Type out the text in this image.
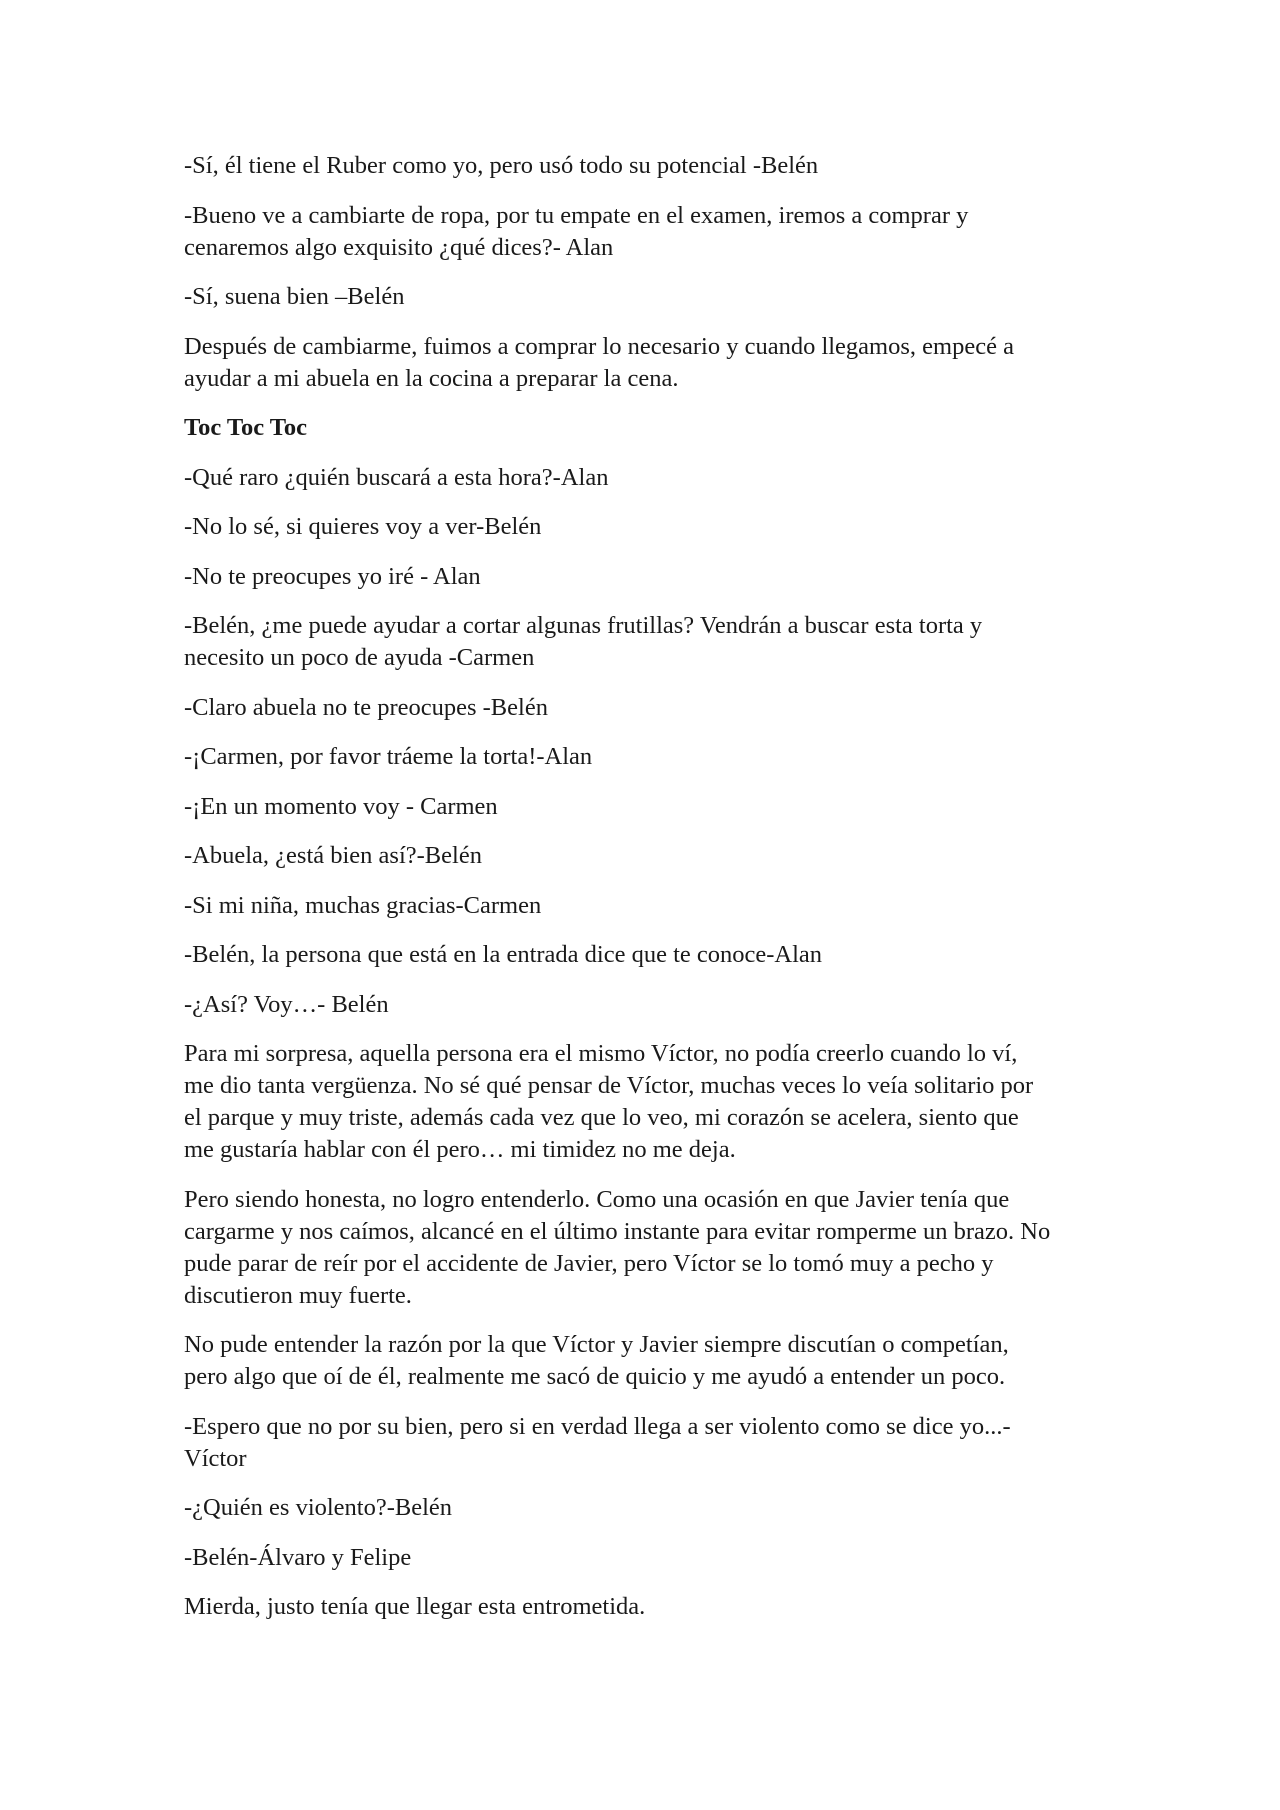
-Sí, él tiene el Ruber como yo, pero usó todo su potencial -Belén

-Bueno ve a cambiarte de ropa, por tu empate en el examen, iremos a comprar y
cenaremos algo exquisito ¿qué dices?- Alan

-Sí, suena bien –Belén

Después de cambiarme, fuimos a comprar lo necesario y cuando llegamos, empecé a
ayudar a mi abuela en la cocina a preparar la cena.

Toc Toc Toc

-Qué raro ¿quién buscará a esta hora?-Alan

-No lo sé, si quieres voy a ver-Belén

-No te preocupes yo iré - Alan

-Belén, ¿me puede ayudar a cortar algunas frutillas? Vendrán a buscar esta torta y
necesito un poco de ayuda -Carmen

-Claro abuela no te preocupes -Belén

-¡Carmen, por favor tráeme la torta!-Alan

-¡En un momento voy - Carmen

-Abuela, ¿está bien así?-Belén

-Si mi niña, muchas gracias-Carmen

-Belén, la persona que está en la entrada dice que te conoce-Alan

-¿Así? Voy…- Belén

Para mi sorpresa, aquella persona era el mismo Víctor, no podía creerlo cuando lo ví,
me dio tanta vergüenza. No sé qué pensar de Víctor, muchas veces lo veía solitario por
el parque y muy triste, además cada vez que lo veo, mi corazón se acelera, siento que
me gustaría hablar con él pero… mi timidez no me deja.

Pero siendo honesta, no logro entenderlo. Como una ocasión en que Javier tenía que
cargarme y nos caímos, alcancé en el último instante para evitar romperme un brazo. No
pude parar de reír por el accidente de Javier, pero Víctor se lo tomó muy a pecho y
discutieron muy fuerte.

No pude entender la razón por la que Víctor y Javier siempre discutían o competían,
pero algo que oí de él, realmente me sacó de quicio y me ayudó a entender un poco.

-Espero que no por su bien, pero si en verdad llega a ser violento como se dice yo...-
Víctor

-¿Quién es violento?-Belén

-Belén-Álvaro y Felipe

Mierda, justo tenía que llegar esta entrometida.
